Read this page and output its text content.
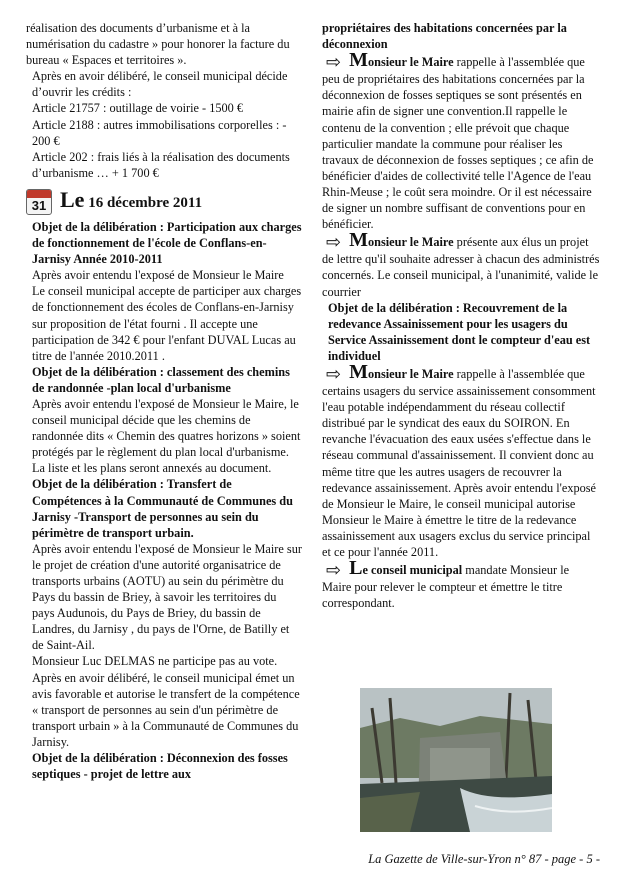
réalisation des documents d’urbanisme et à la numérisation du cadastre » pour honorer la facture du bureau « Espaces et territoires ».

Après en avoir délibéré, le conseil municipal décide d’ouvrir les crédits :

Article 21757 : outillage de voirie - 1500 €

Article 2188 : autres immobilisations corporelles : - 200 €

Article 202 : frais liés à la réalisation des documents d’urbanisme … + 1 700 €

31 Le 16 décembre 2011

Objet de la délibération : Participation aux charges de fonctionnement de l'école de Conflans-en-Jarnisy Année 2010-2011

Après avoir entendu l'exposé de Monsieur le Maire

Le conseil municipal accepte de participer aux charges de fonctionnement des écoles de Conflans-en-Jarnisy sur proposition de l'état fourni . Il accepte une participation de 342 € pour l'enfant DUVAL Lucas au titre de l'année 2010.2011 .

Objet de la délibération : classement des chemins de randonnée -plan local d'urbanisme

Après avoir entendu l'exposé de Monsieur le Maire, le conseil municipal décide que les chemins de randonnée dits « Chemin des quatres horizons » soient protégés par le règlement du plan local d'urbanisme. La liste et les plans seront annexés au document.

Objet de la délibération : Transfert de Compétences à la Communauté de Communes du Jarnisy -Transport de personnes au sein du périmètre de transport urbain.

Après avoir entendu l'exposé de Monsieur le Maire sur le projet de création d'une autorité organisatrice de transports urbains (AOTU) au sein du périmètre du Pays du bassin de Briey, à savoir les territoires du pays Audunois, du Pays de Briey, du bassin de Landres, du Jarnisy , du pays de l'Orne, de Batilly et de Saint-Ail.

Monsieur Luc DELMAS ne participe pas au vote. Après en avoir délibéré, le conseil municipal émet un avis favorable et autorise le transfert de la compétence « transport de personnes au sein d'un périmètre de transport urbain » à la Communauté de Communes du Jarnisy.

Objet de la délibération : Déconnexion des fosses septiques - projet de lettre aux

propriétaires des habitations concernées par la déconnexion

⇨ Monsieur le Maire rappelle à l'assemblée que peu de propriétaires des habitations concernées par la déconnexion de fosses septiques se sont présentés en mairie afin de signer une convention.Il rappelle le contenu de la convention ; elle prévoit que chaque particulier mandate la commune pour réaliser les travaux de déconnexion de fosses septiques ; ce afin de bénéficier d'aides de collectivité telle l'Agence de l'eau Rhin-Meuse ; le coût sera moindre. Or il est nécessaire de signer un nombre suffisant de conventions pour en bénéficier.

⇨ Monsieur le Maire présente aux élus un projet de lettre qu'il souhaite adresser à chacun des administrés concernés. Le conseil municipal, à l'unanimité, valide le courrier

Objet de la délibération : Recouvrement de la redevance Assainissement pour les usagers du Service Assainissement dont le compteur d'eau est individuel

⇨ Monsieur le Maire rappelle à l'assemblée que certains usagers du service assainissement consomment l'eau potable indépendamment du réseau collectif distribué par le syndicat des eaux du SOIRON. En revanche l'évacuation des eaux usées s'effectue dans le réseau communal d'assainissement. Il convient donc au même titre que les autres usagers de recouvrer la redevance assainissement. Après avoir entendu l'exposé de Monsieur le Maire, le conseil municipal autorise Monsieur le Maire à émettre le titre de la redevance assainissement aux usagers exclus du service principal et ce pour l'année 2011.

⇨ Le conseil municipal mandate Monsieur le Maire pour relever le compteur et émettre le titre correspondant.

La Gazette de Ville-sur-Yron n° 87 - page - 5 -
